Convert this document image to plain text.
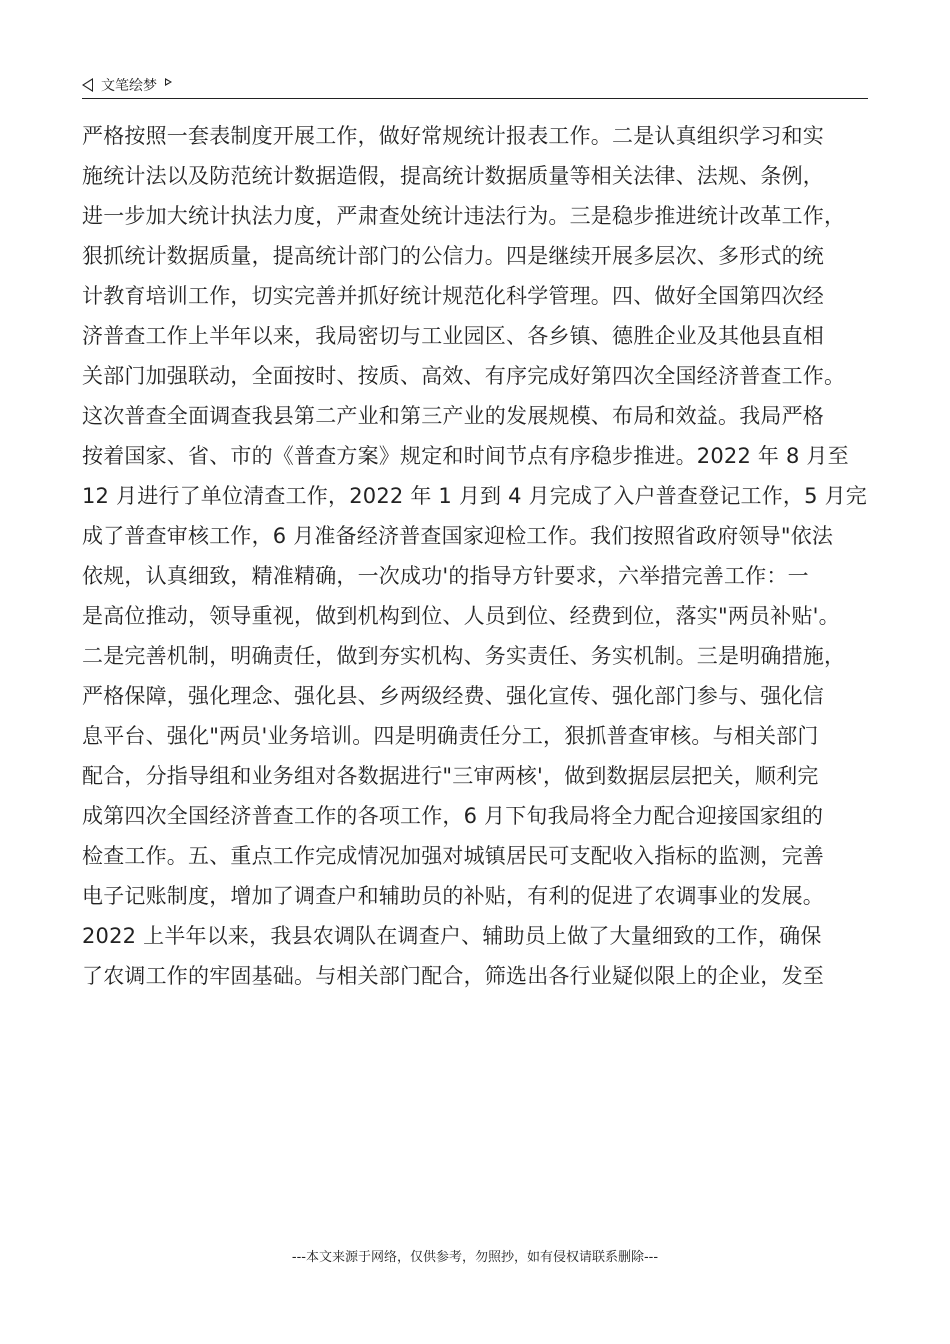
文笔绘梦
严格按照一套表制度开展工作，做好常规统计报表工作。二是认真组织学习和实
施统计法以及防范统计数据造假，提高统计数据质量等相关法律、法规、条例，
进一步加大统计执法力度，严肃查处统计违法行为。三是稳步推进统计改革工作，
狠抓统计数据质量，提高统计部门的公信力。四是继续开展多层次、多形式的统
计教育培训工作，切实完善并抓好统计规范化科学管理。四、做好全国第四次经
济普查工作上半年以来，我局密切与工业园区、各乡镇、德胜企业及其他县直相
关部门加强联动，全面按时、按质、高效、有序完成好第四次全国经济普查工作。
这次普查全面调查我县第二产业和第三产业的发展规模、布局和效益。我局严格
按着国家、省、市的《普查方案》规定和时间节点有序稳步推进。2022 年 8 月至
12 月进行了单位清查工作，2022 年 1 月到 4 月完成了入户普查登记工作，5 月完
成了普查审核工作，6 月准备经济普查国家迎检工作。我们按照省政府领导"依法
依规，认真细致，精准精确，一次成功'的指导方针要求，六举措完善工作：一
是高位推动，领导重视，做到机构到位、人员到位、经费到位，落实"两员补贴'。
二是完善机制，明确责任，做到夯实机构、务实责任、务实机制。三是明确措施，
严格保障，强化理念、强化县、乡两级经费、强化宣传、强化部门参与、强化信
息平台、强化"两员'业务培训。四是明确责任分工，狠抓普查审核。与相关部门
配合，分指导组和业务组对各数据进行"三审两核'，做到数据层层把关，顺利完
成第四次全国经济普查工作的各项工作，6 月下旬我局将全力配合迎接国家组的
检查工作。五、重点工作完成情况加强对城镇居民可支配收入指标的监测，完善
电子记账制度，增加了调查户和辅助员的补贴，有利的促进了农调事业的发展。
2022 上半年以来，我县农调队在调查户、辅助员上做了大量细致的工作，确保
了农调工作的牢固基础。与相关部门配合，筛选出各行业疑似限上的企业，发至
---本文来源于网络，仅供参考，勿照抄，如有侵权请联系删除---
